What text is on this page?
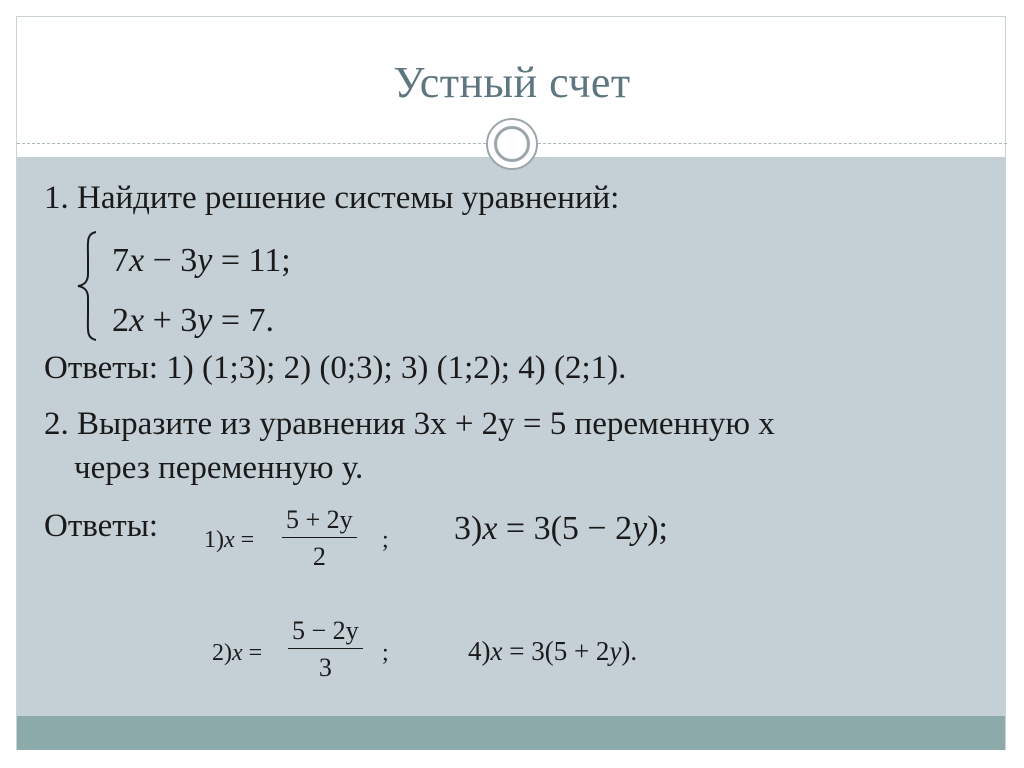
Устный счет
1. Найдите решение системы уравнений:
7x − 3y = 11;
2x + 3y = 7.
Ответы: 1) (1;3); 2) (0;3); 3) (1;2); 4) (2;1).
2. Выразите из уравнения 3х + 2у = 5 переменную х
через переменную у.
Ответы: $1)x = \frac{5 + 2y}{2}$ ; 3)x = 3(5 − 2y);
$2)x = \frac{5 - 2y}{3}$ ;	4)x = 3(5 + 2y).
